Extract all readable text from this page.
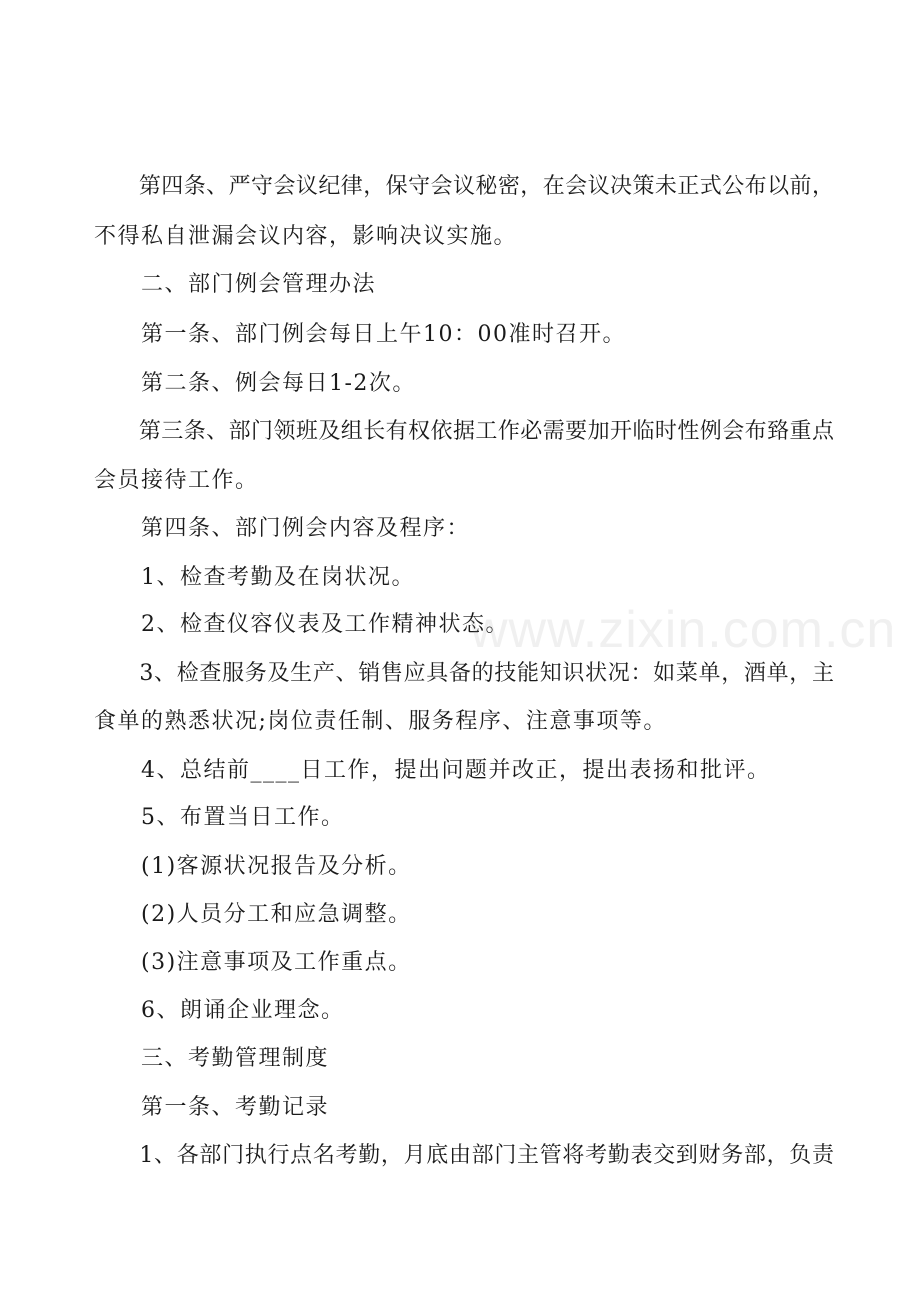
　　第四条、严守会议纪律，保守会议秘密，在会议决策未正式公布以前，
不得私自泄漏会议内容，影响决议实施。
　　二、部门例会管理办法
　　第一条、部门例会每日上午10：00准时召开。
　　第二条、例会每日1-2次。
　　第三条、部门领班及组长有权依据工作必需要加开临时性例会布臵重点
会员接待工作。
　　第四条、部门例会内容及程序：
　　1、检查考勤及在岗状况。
　　2、检查仪容仪表及工作精神状态。
　　3、检查服务及生产、销售应具备的技能知识状况：如菜单，酒单，主
食单的熟悉状况;岗位责任制、服务程序、注意事项等。
　　4、总结前____日工作，提出问题并改正，提出表扬和批评。
　　5、布置当日工作。
　　(1)客源状况报告及分析。
　　(2)人员分工和应急调整。
　　(3)注意事项及工作重点。
　　6、朗诵企业理念。
　　三、考勤管理制度
　　第一条、考勤记录
　　1、各部门执行点名考勤，月底由部门主管将考勤表交到财务部，负责
www.zixin.com.cn
